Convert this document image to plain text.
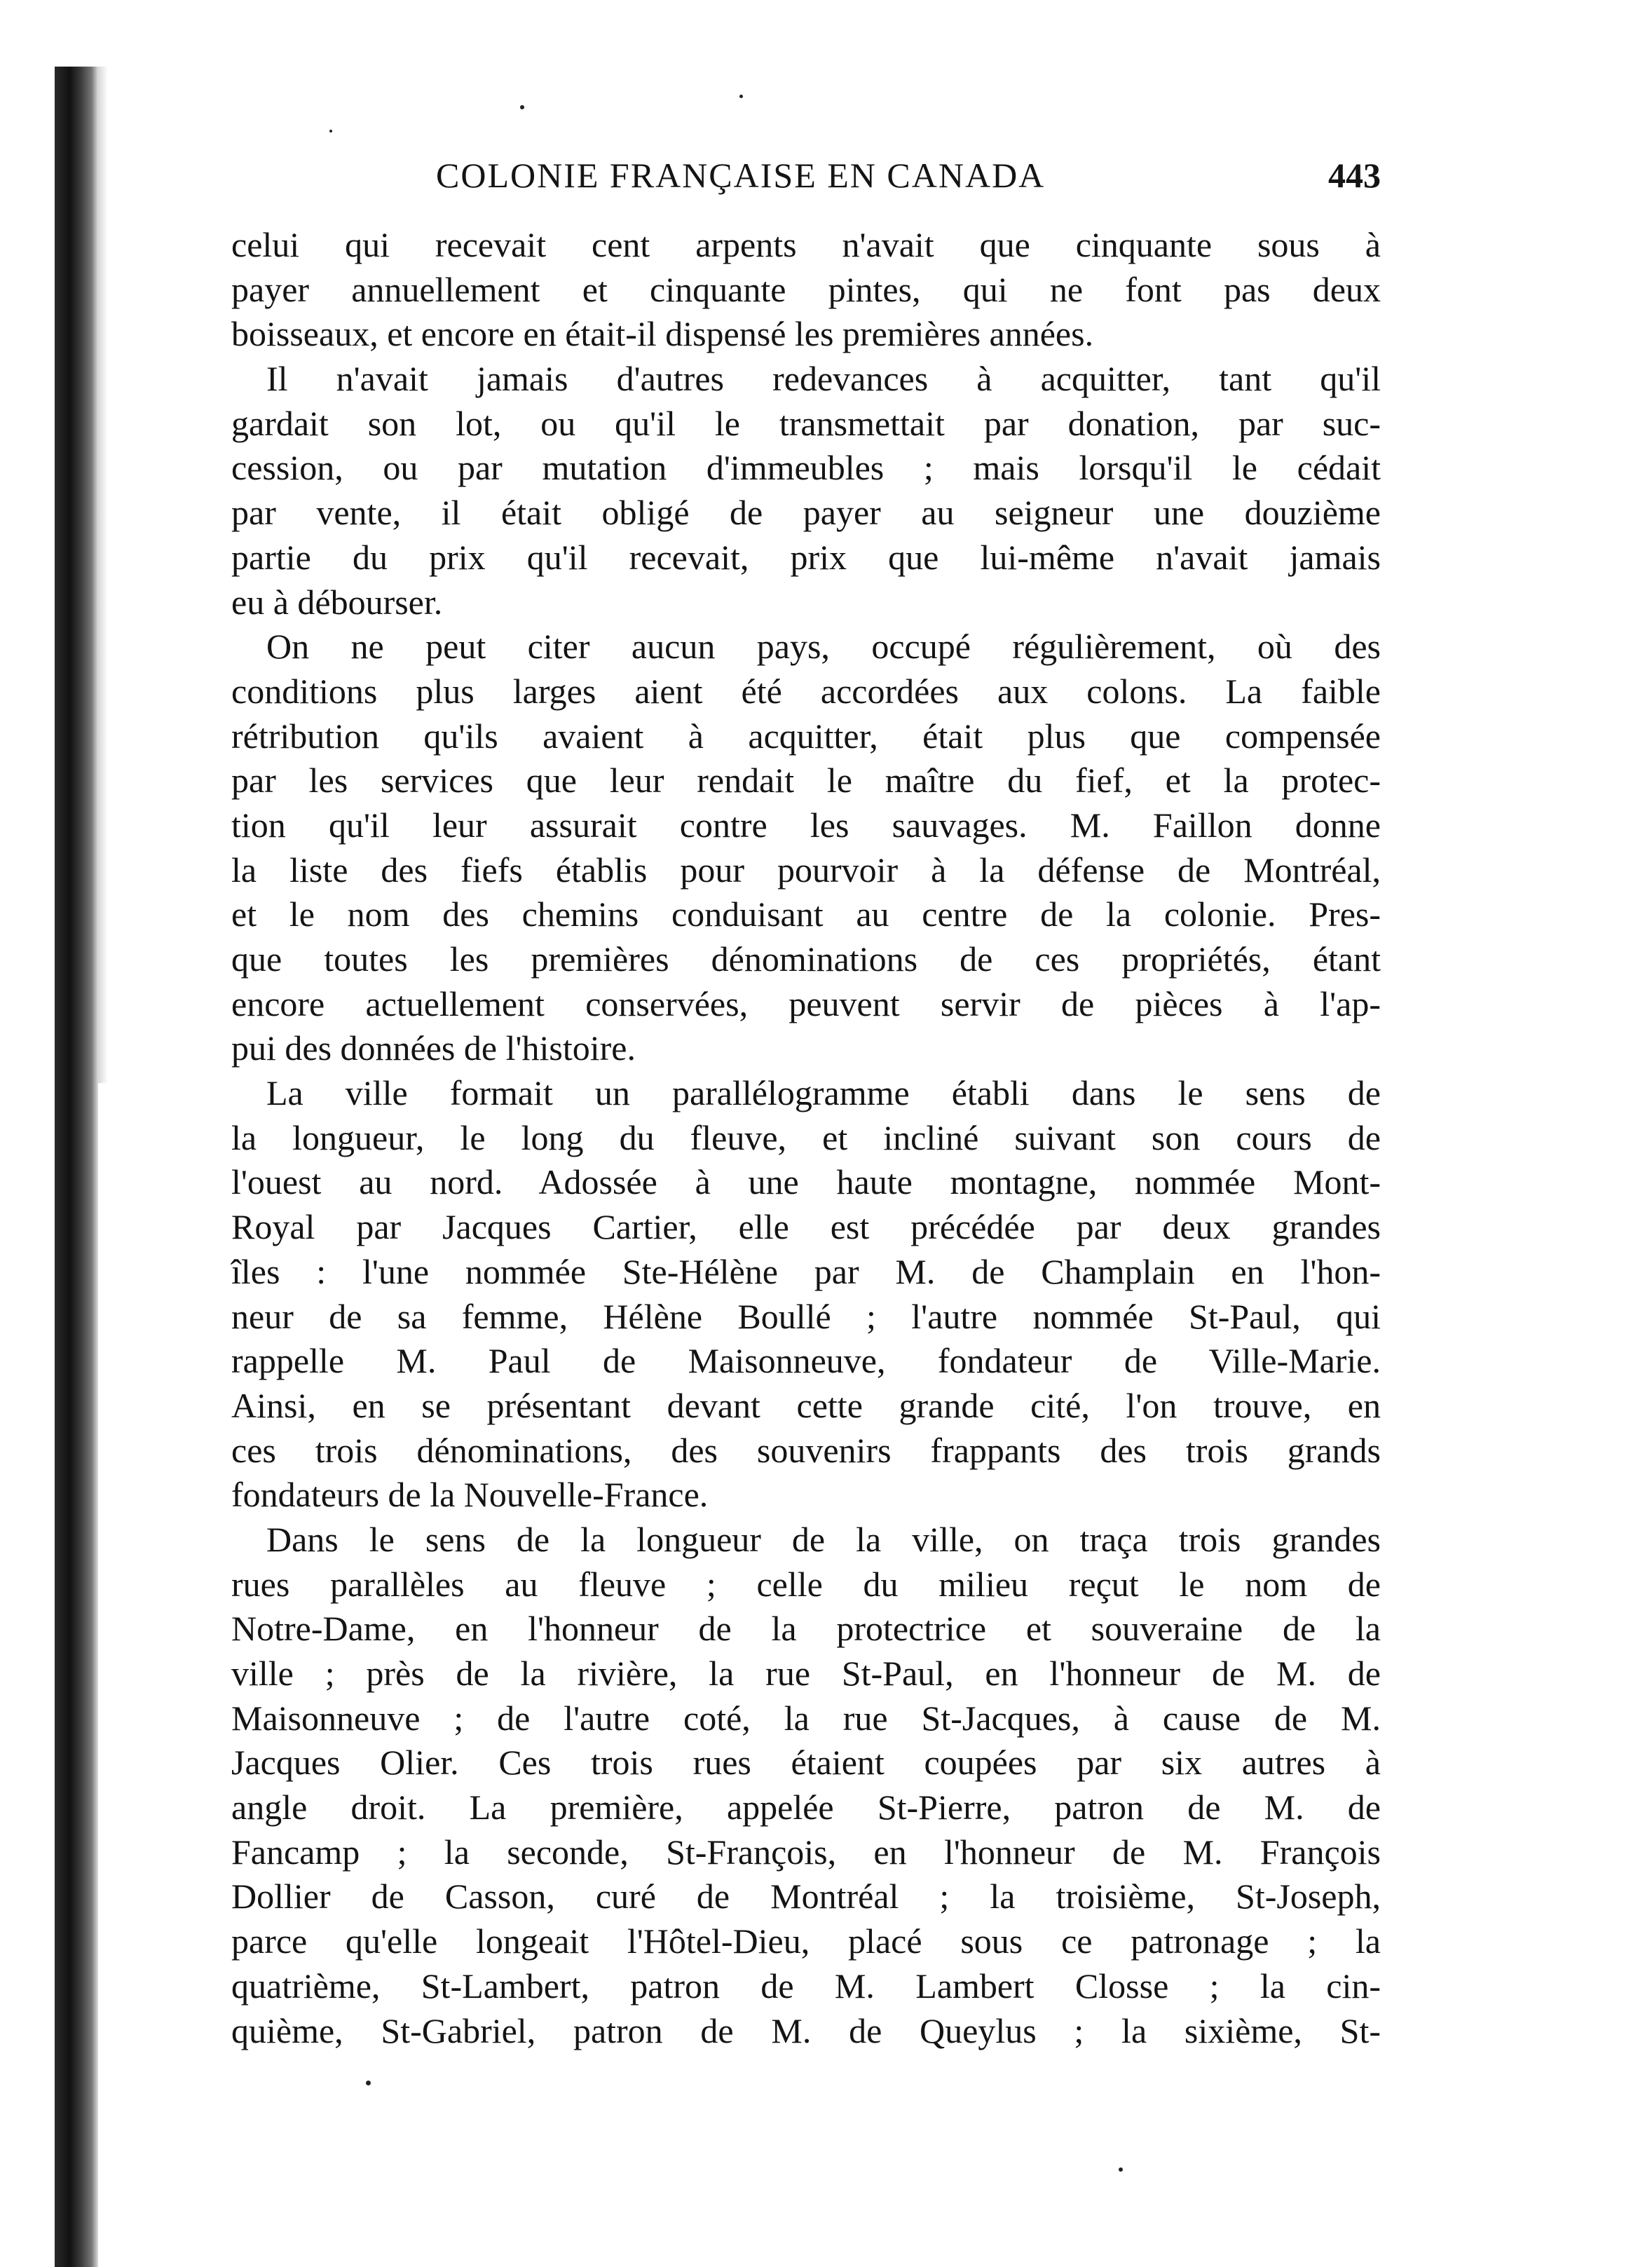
COLONIE FRANÇAISE EN CANADA	443
celui qui recevait cent arpents n'avait que cinquante sous à
payer annuellement et cinquante pintes, qui ne font pas deux
boisseaux, et encore en était-il dispensé les premières années.
Il n'avait jamais d'autres redevances à acquitter, tant qu'il
gardait son lot, ou qu'il le transmettait par donation, par suc-
cession, ou par mutation d'immeubles ; mais lorsqu'il le cédait
par vente, il était obligé de payer au seigneur une douzième
partie du prix qu'il recevait, prix que lui-même n'avait jamais
eu à débourser.
On ne peut citer aucun pays, occupé régulièrement, où des
conditions plus larges aient été accordées aux colons. La faible
rétribution qu'ils avaient à acquitter, était plus que compensée
par les services que leur rendait le maître du fief, et la protec-
tion qu'il leur assurait contre les sauvages. M. Faillon donne
la liste des fiefs établis pour pourvoir à la défense de Montréal,
et le nom des chemins conduisant au centre de la colonie. Pres-
que toutes les premières dénominations de ces propriétés, étant
encore actuellement conservées, peuvent servir de pièces à l'ap-
pui des données de l'histoire.
La ville formait un parallélogramme établi dans le sens de
la longueur, le long du fleuve, et incliné suivant son cours de
l'ouest au nord. Adossée à une haute montagne, nommée Mont-
Royal par Jacques Cartier, elle est précédée par deux grandes
îles : l'une nommée Ste-Hélène par M. de Champlain en l'hon-
neur de sa femme, Hélène Boullé ; l'autre nommée St-Paul, qui
rappelle M. Paul de Maisonneuve, fondateur de Ville-Marie.
Ainsi, en se présentant devant cette grande cité, l'on trouve, en
ces trois dénominations, des souvenirs frappants des trois grands
fondateurs de la Nouvelle-France.
Dans le sens de la longueur de la ville, on traça trois grandes
rues parallèles au fleuve ; celle du milieu reçut le nom de
Notre-Dame, en l'honneur de la protectrice et souveraine de la
ville ; près de la rivière, la rue St-Paul, en l'honneur de M. de
Maisonneuve ; de l'autre coté, la rue St-Jacques, à cause de M.
Jacques Olier. Ces trois rues étaient coupées par six autres à
angle droit. La première, appelée St-Pierre, patron de M. de
Fancamp ; la seconde, St-François, en l'honneur de M. François
Dollier de Casson, curé de Montréal ; la troisième, St-Joseph,
parce qu'elle longeait l'Hôtel-Dieu, placé sous ce patronage ; la
quatrième, St-Lambert, patron de M. Lambert Closse ; la cin-
quième, St-Gabriel, patron de M. de Queylus ; la sixième, St-
